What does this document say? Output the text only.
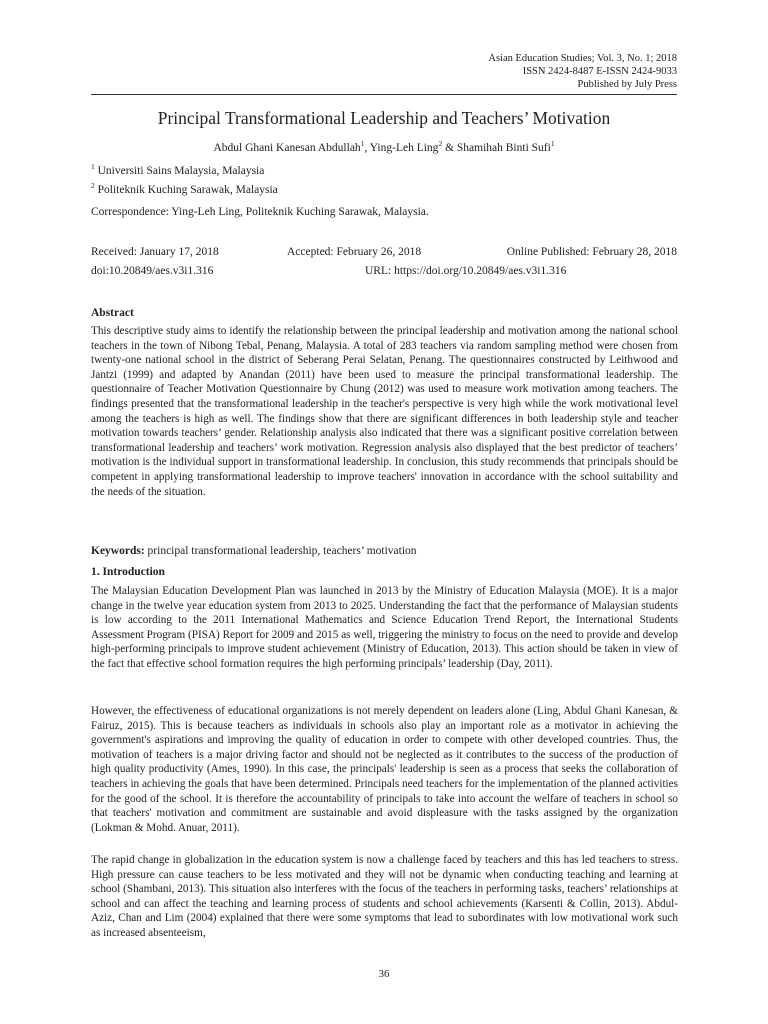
Asian Education Studies; Vol. 3, No. 1; 2018
ISSN 2424-8487 E-ISSN 2424-9033
Published by July Press
Principal Transformational Leadership and Teachers’ Motivation
Abdul Ghani Kanesan Abdullah$^1$, Ying-Leh Ling$^2$ & Shamihah Binti Sufi$^1$
$^1$ Universiti Sains Malaysia, Malaysia
$^2$ Politeknik Kuching Sarawak, Malaysia
Correspondence: Ying-Leh Ling, Politeknik Kuching Sarawak, Malaysia.
Received: January 17, 2018	Accepted: February 26, 2018	Online Published: February 28, 2018
doi:10.20849/aes.v3i1.316	URL: https://doi.org/10.20849/aes.v3i1.316
Abstract
This descriptive study aims to identify the relationship between the principal leadership and motivation among the national school teachers in the town of Nibong Tebal, Penang, Malaysia. A total of 283 teachers via random sampling method were chosen from twenty-one national school in the district of Seberang Perai Selatan, Penang. The questionnaires constructed by Leithwood and Jantzi (1999) and adapted by Anandan (2011) have been used to measure the principal transformational leadership. The questionnaire of Teacher Motivation Questionnaire by Chung (2012) was used to measure work motivation among teachers. The findings presented that the transformational leadership in the teacher's perspective is very high while the work motivational level among the teachers is high as well. The findings show that there are significant differences in both leadership style and teacher motivation towards teachers’ gender. Relationship analysis also indicated that there was a significant positive correlation between transformational leadership and teachers’ work motivation. Regression analysis also displayed that the best predictor of teachers’ motivation is the individual support in transformational leadership. In conclusion, this study recommends that principals should be competent in applying transformational leadership to improve teachers' innovation in accordance with the school suitability and the needs of the situation.
Keywords: principal transformational leadership, teachers’ motivation
1. Introduction
The Malaysian Education Development Plan was launched in 2013 by the Ministry of Education Malaysia (MOE). It is a major change in the twelve year education system from 2013 to 2025. Understanding the fact that the performance of Malaysian students is low according to the 2011 International Mathematics and Science Education Trend Report, the International Students Assessment Program (PISA) Report for 2009 and 2015 as well, triggering the ministry to focus on the need to provide and develop high-performing principals to improve student achievement (Ministry of Education, 2013). This action should be taken in view of the fact that effective school formation requires the high performing principals’ leadership (Day, 2011).
However, the effectiveness of educational organizations is not merely dependent on leaders alone (Ling, Abdul Ghani Kanesan, & Fairuz, 2015). This is because teachers as individuals in schools also play an important role as a motivator in achieving the government's aspirations and improving the quality of education in order to compete with other developed countries. Thus, the motivation of teachers is a major driving factor and should not be neglected as it contributes to the success of the production of high quality productivity (Ames, 1990). In this case, the principals' leadership is seen as a process that seeks the collaboration of teachers in achieving the goals that have been determined. Principals need teachers for the implementation of the planned activities for the good of the school. It is therefore the accountability of principals to take into account the welfare of teachers in school so that teachers' motivation and commitment are sustainable and avoid displeasure with the tasks assigned by the organization (Lokman & Mohd. Anuar, 2011).
The rapid change in globalization in the education system is now a challenge faced by teachers and this has led teachers to stress. High pressure can cause teachers to be less motivated and they will not be dynamic when conducting teaching and learning at school (Shambani, 2013). This situation also interferes with the focus of the teachers in performing tasks, teachers’ relationships at school and can affect the teaching and learning process of students and school achievements (Karsenti & Collin, 2013). Abdul-Aziz, Chan and Lim (2004) explained that there were some symptoms that lead to subordinates with low motivational work such as increased absenteeism,
36
